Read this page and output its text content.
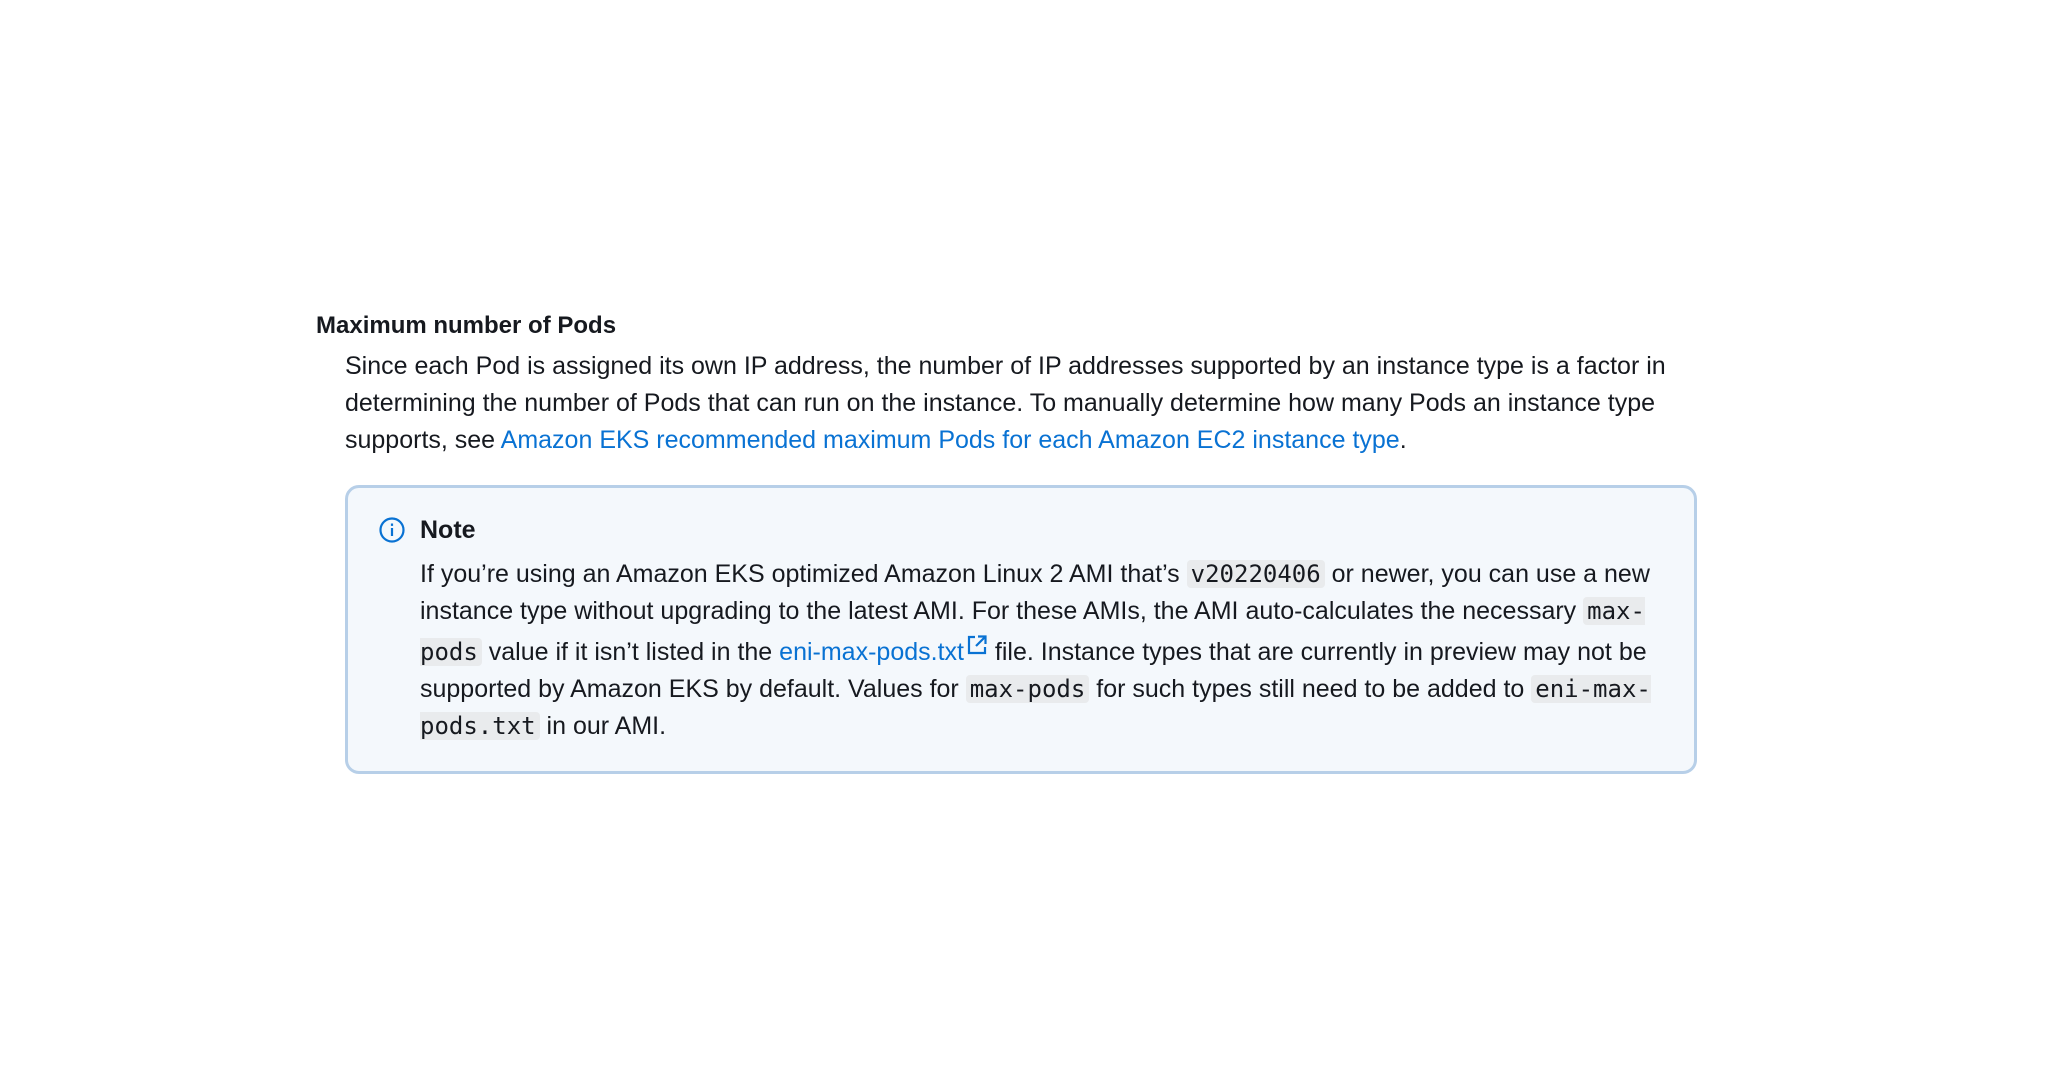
Maximum number of Pods

Since each Pod is assigned its own IP address, the number of IP addresses supported by an instance type is a factor in determining the number of Pods that can run on the instance. To manually determine how many Pods an instance type supports, see Amazon EKS recommended maximum Pods for each Amazon EC2 instance type.

Note
If you’re using an Amazon EKS optimized Amazon Linux 2 AMI that’s v20220406 or newer, you can use a new instance type without upgrading to the latest AMI. For these AMIs, the AMI auto-calculates the necessary max-pods value if it isn’t listed in the eni-max-pods.txt file. Instance types that are currently in preview may not be supported by Amazon EKS by default. Values for max-pods for such types still need to be added to eni-max-pods.txt in our AMI.
